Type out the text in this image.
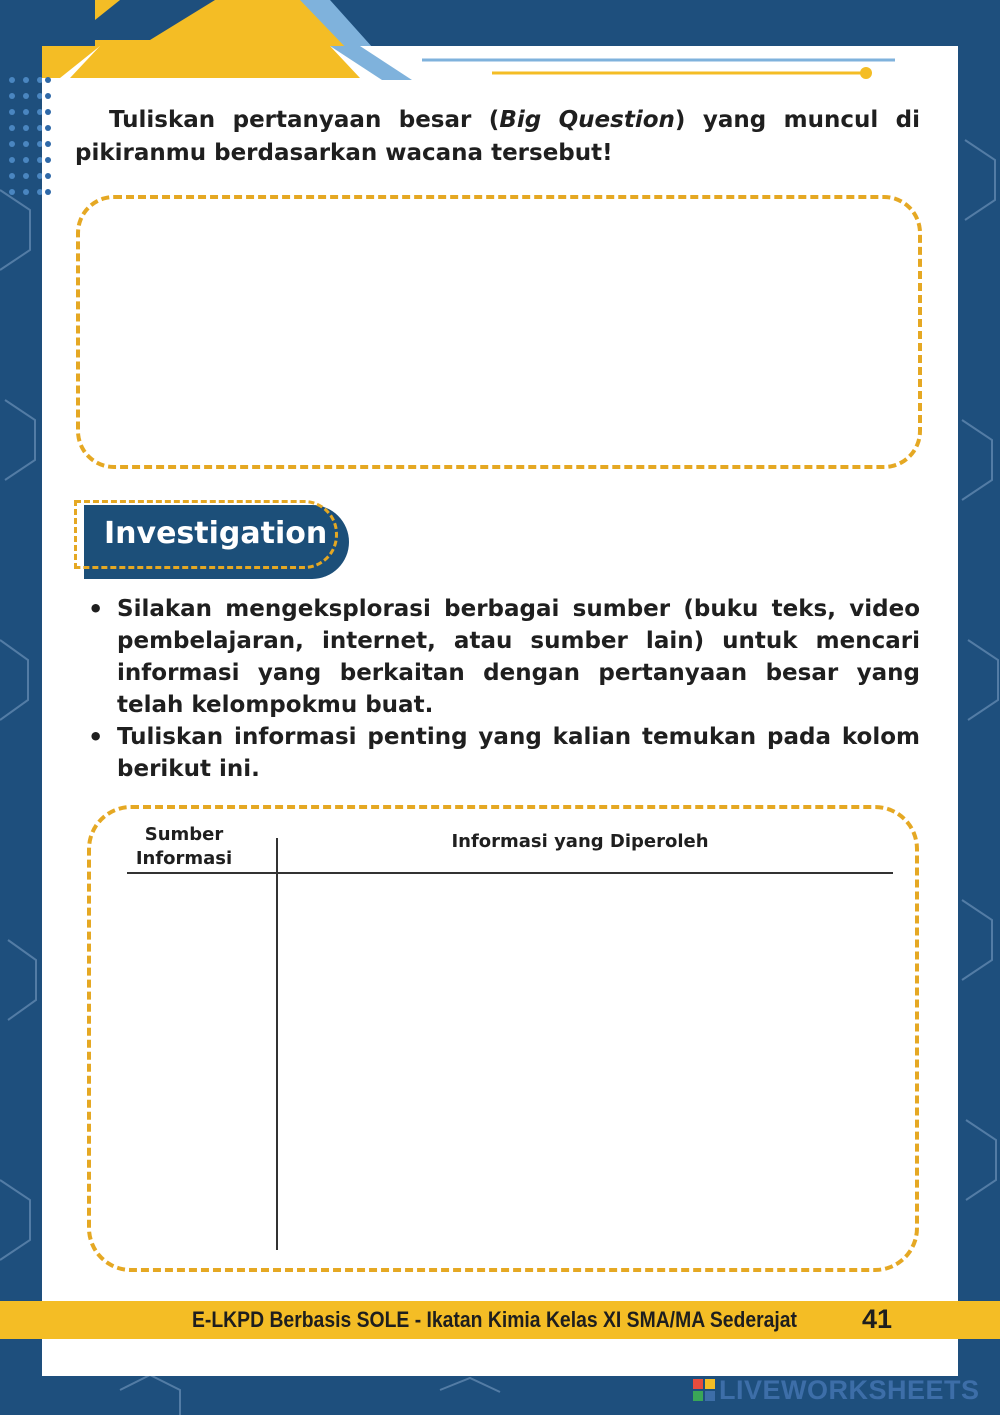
Tuliskan pertanyaan besar (Big Question) yang muncul di pikiranmu berdasarkan wacana tersebut!
Investigation
• Silakan mengeksplorasi berbagai sumber (buku teks, video pembelajaran, internet, atau sumber lain) untuk mencari informasi yang berkaitan dengan pertanyaan besar yang telah kelompokmu buat.
• Tuliskan informasi penting yang kalian temukan pada kolom berikut ini.
Sumber Informasi
Informasi yang Diperoleh
E-LKPD Berbasis SOLE - Ikatan Kimia Kelas XI SMA/MA Sederajat 41
LIVEWORKSHEETS
